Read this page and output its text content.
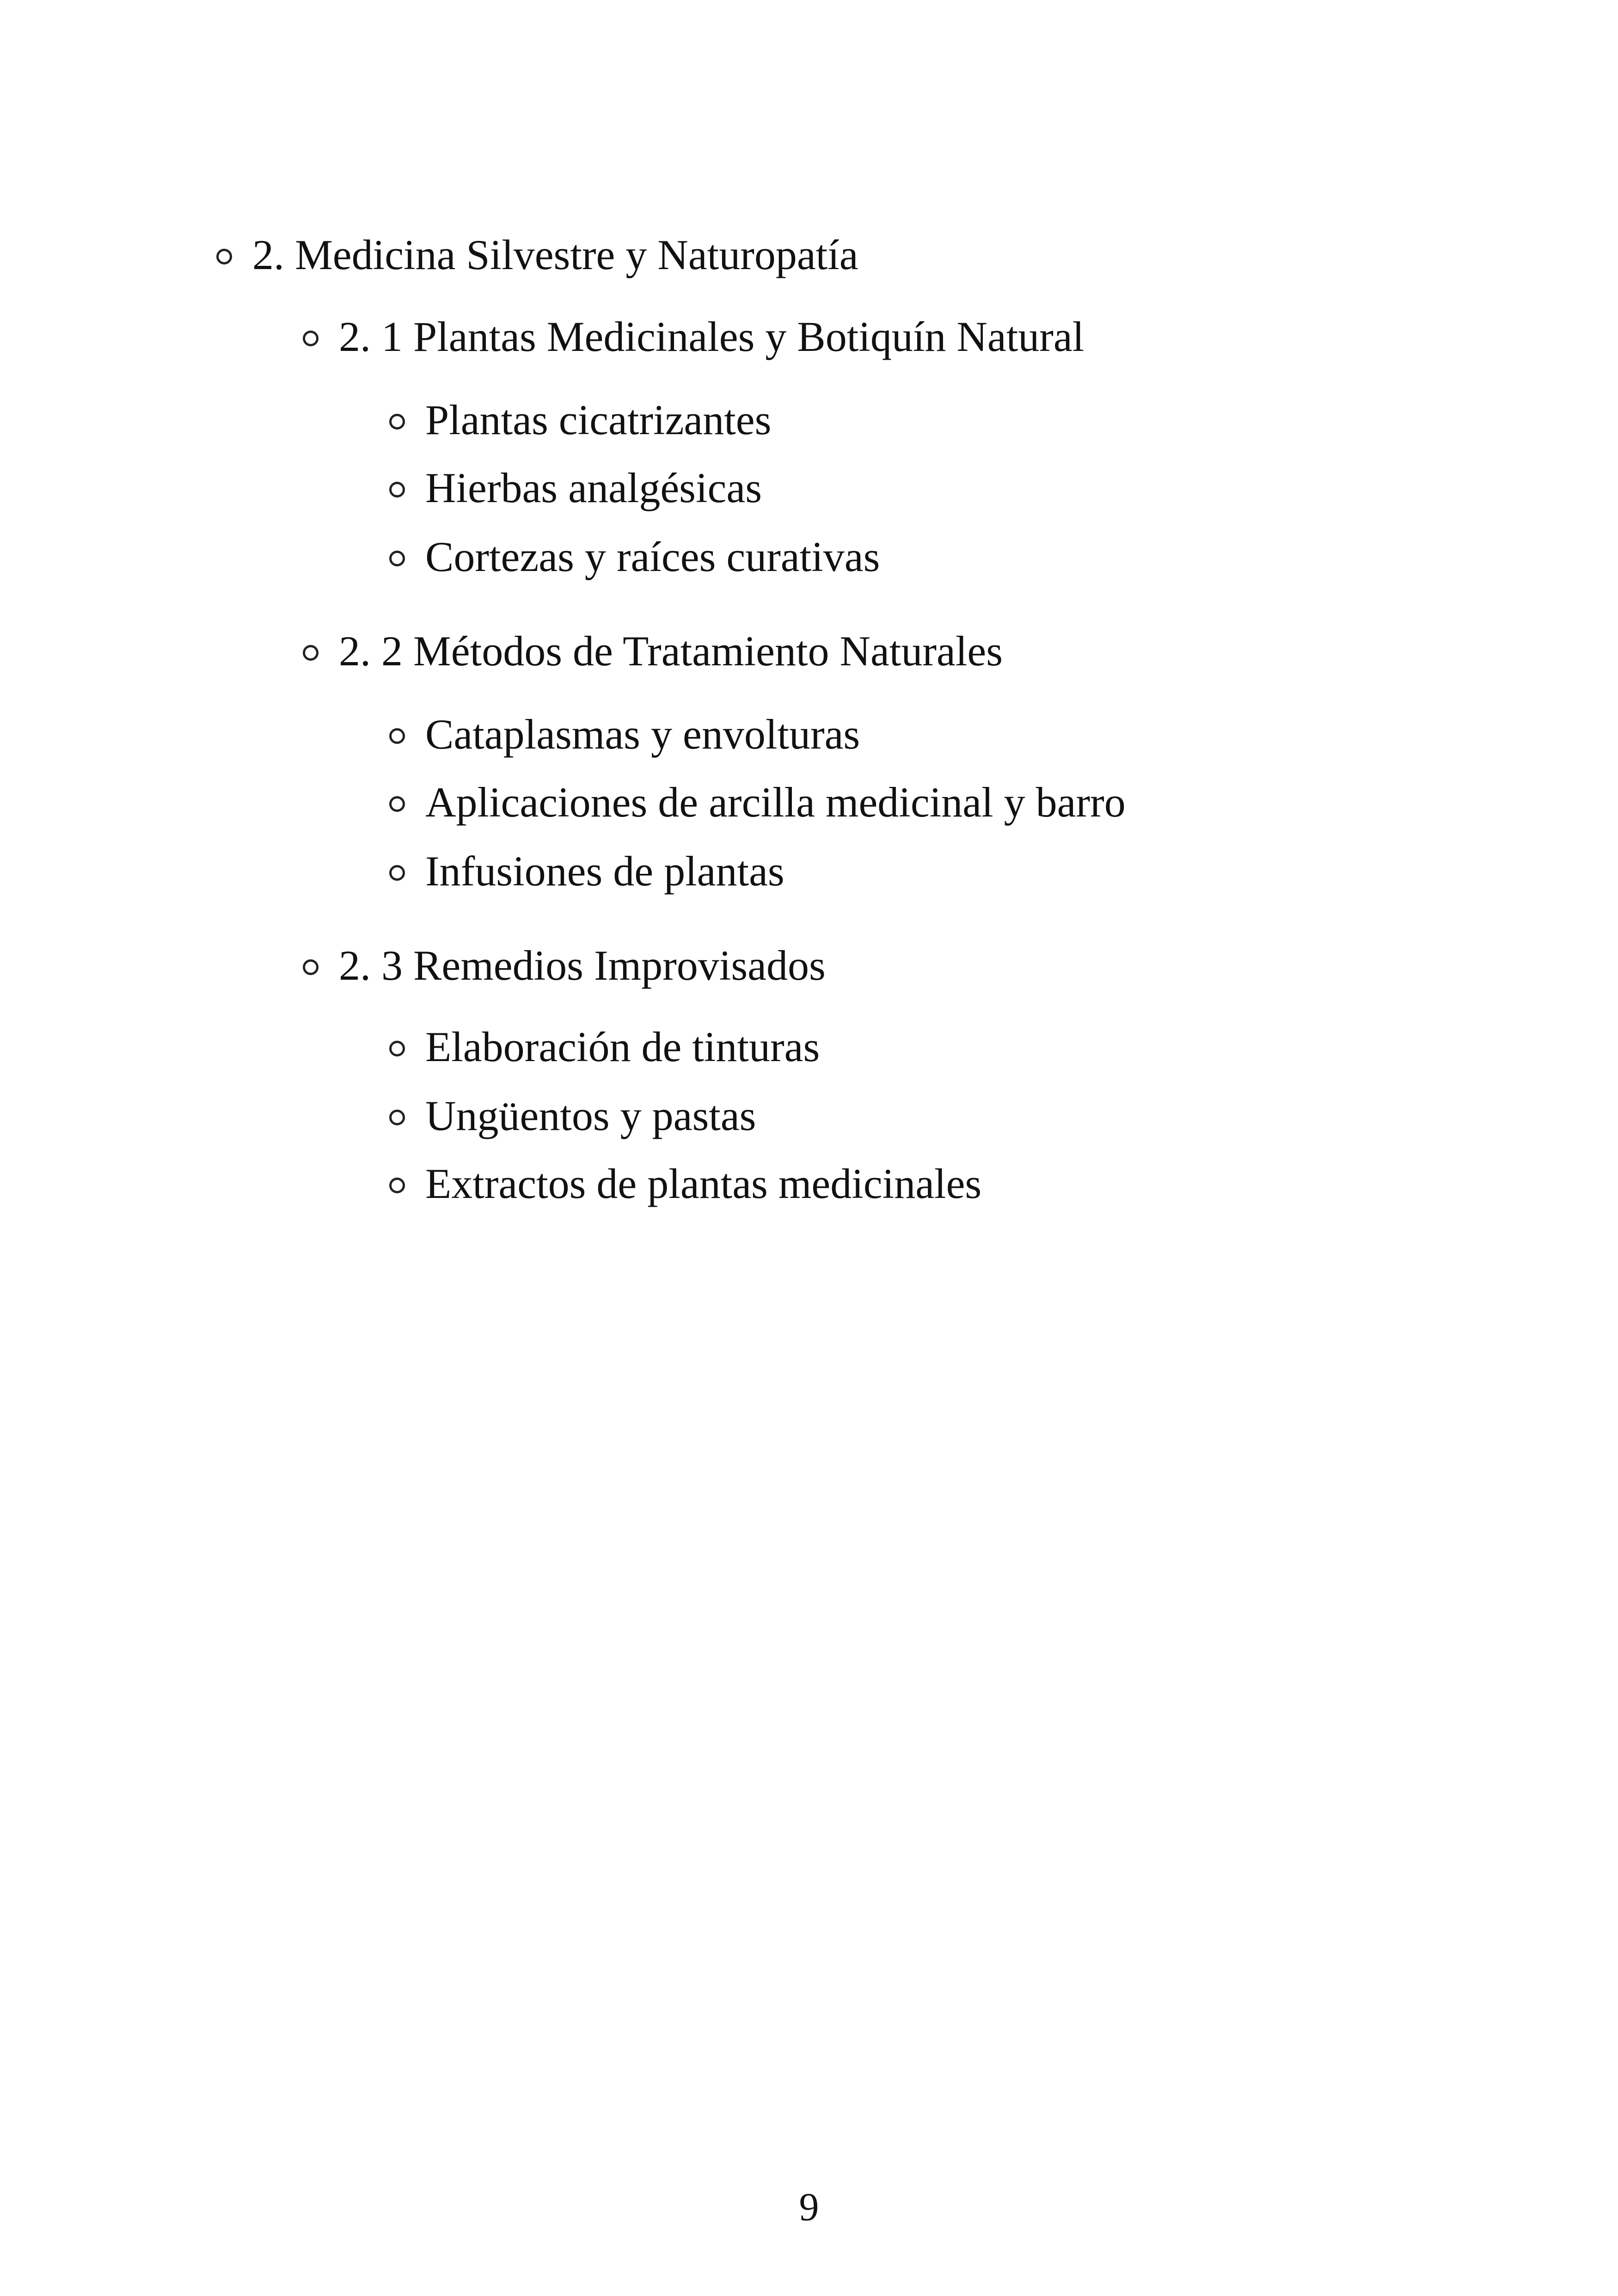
2. Medicina Silvestre y Naturopatía
2. 1 Plantas Medicinales y Botiquín Natural
Plantas cicatrizantes
Hierbas analgésicas
Cortezas y raíces curativas
2. 2 Métodos de Tratamiento Naturales
Cataplasmas y envolturas
Aplicaciones de arcilla medicinal y barro
Infusiones de plantas
2. 3 Remedios Improvisados
Elaboración de tinturas
Ungüentos y pastas
Extractos de plantas medicinales
9
